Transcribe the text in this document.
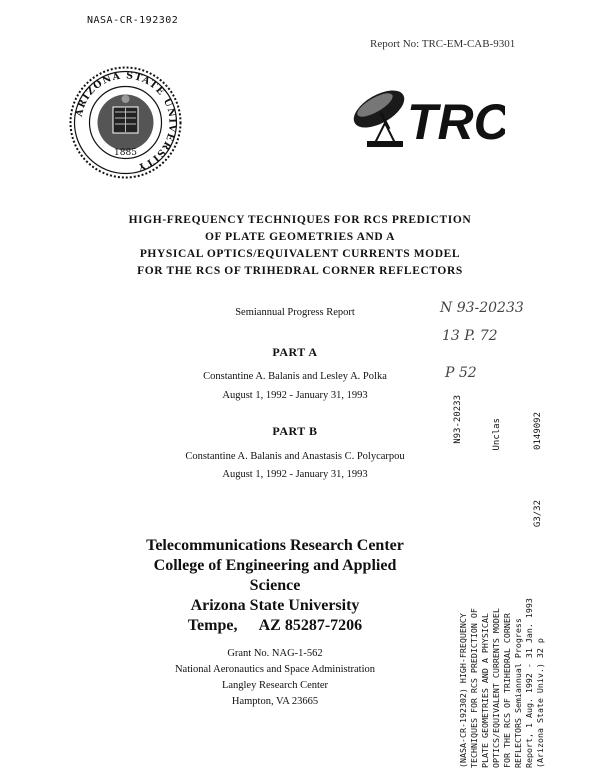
NASA-CR-192302
Report No: TRC-EM-CAB-9301
ARIZONA STATE UNIVERSITY
1885
TRC
HIGH-FREQUENCY TECHNIQUES FOR RCS PREDICTION
OF PLATE GEOMETRIES AND A
PHYSICAL OPTICS/EQUIVALENT CURRENTS MODEL
FOR THE RCS OF TRIHEDRAL CORNER REFLECTORS
Semiannual Progress Report
PART A
Constantine A. Balanis and Lesley A. Polka
August 1, 1992 - January 31, 1993
PART B
Constantine A. Balanis and Anastasis C. Polycarpou
August 1, 1992 - January 31, 1993
Telecommunications Research Center
College of Engineering and Applied Science
Arizona State University
Tempe, AZ 85287-7206
Grant No. NAG-1-562
National Aeronautics and Space Administration
Langley Research Center
Hampton, VA 23665
N 93-20233
13 P. 72
P 52
N93-20233	Unclas
G3/32
0149092
(NASA-CR-192302) HIGH-FREQUENCY TECHNIQUES FOR RCS PREDICTION OF PLATE GEOMETRIES AND A PHYSICAL OPTICS/EQUIVALENT CURRENTS MODEL FOR THE RCS OF TRIHEDRAL CORNER REFLECTORS Semiannual Progress Report, 1 Aug. 1992 - 31 Jan. 1993 (Arizona State Univ.) 32 p
